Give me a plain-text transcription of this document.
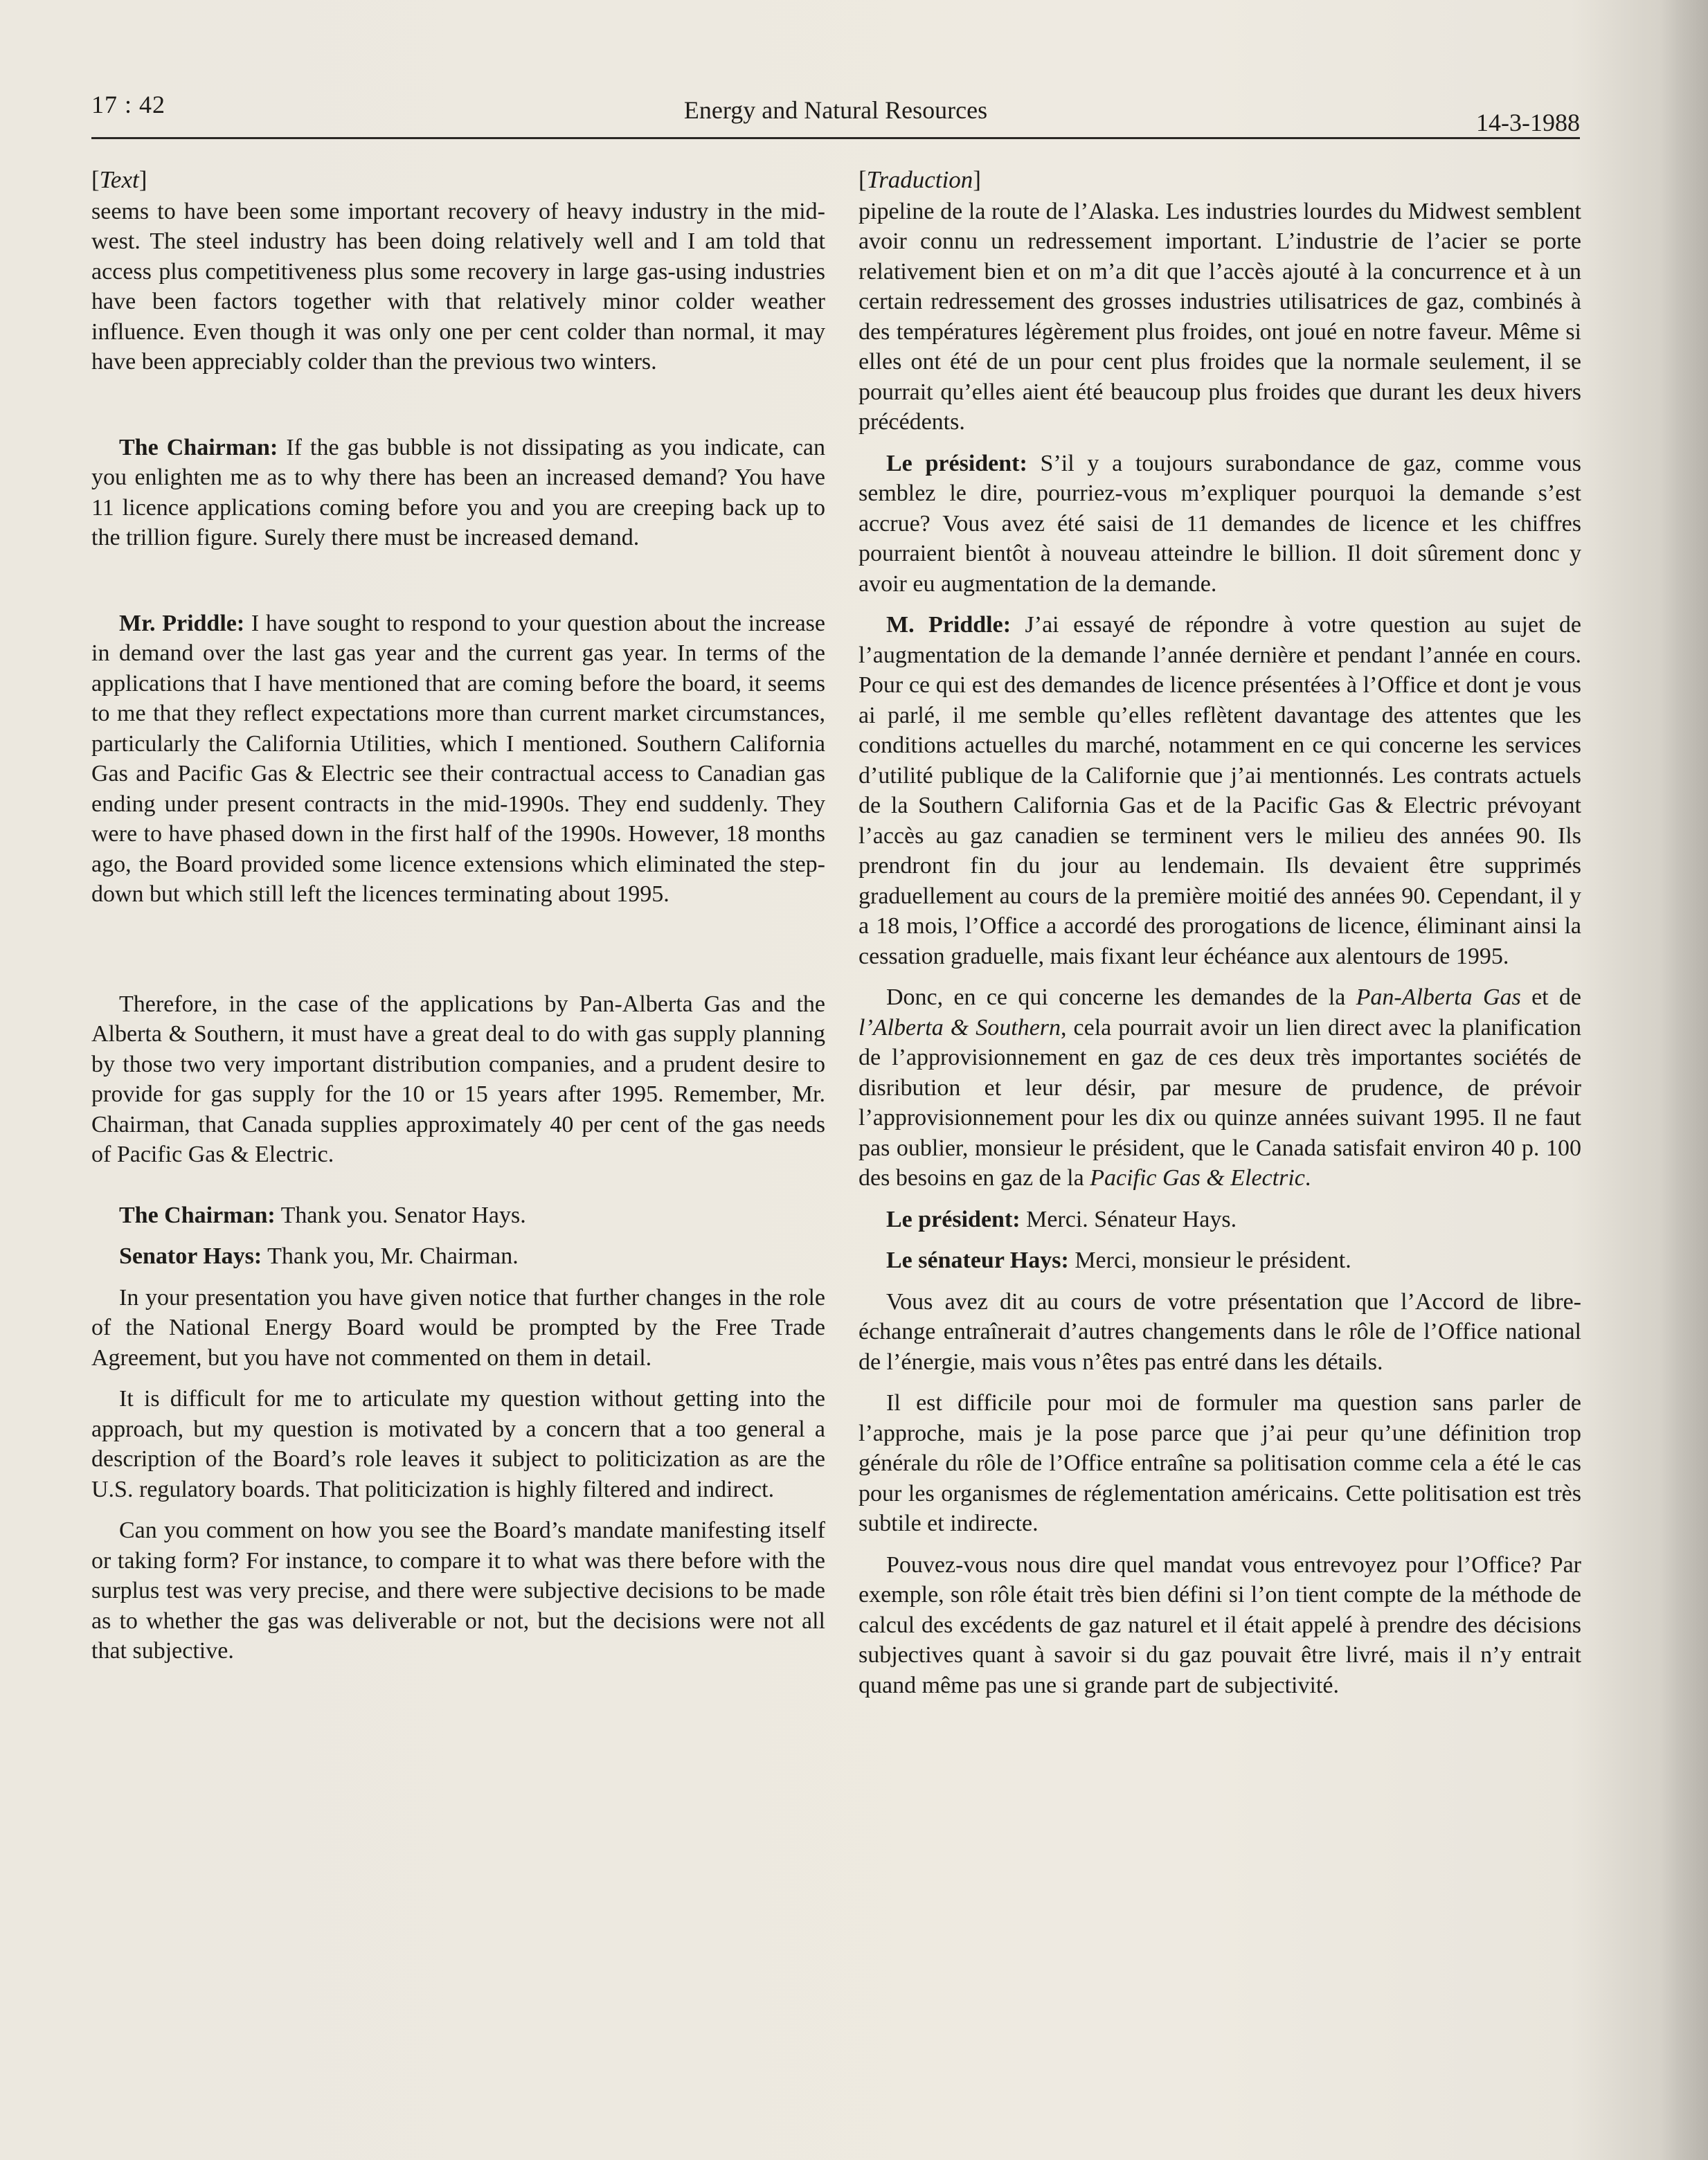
17 : 42	Energy and Natural Resources	14-3-1988

[Text]

seems to have been some important recovery of heavy industry in the mid-west. The steel industry has been doing relatively well and I am told that access plus competitiveness plus some recovery in large gas-using industries have been factors together with that relatively minor colder weather influence. Even though it was only one per cent colder than normal, it may have been appreciably colder than the previous two winters.

The Chairman: If the gas bubble is not dissipating as you indicate, can you enlighten me as to why there has been an increased demand? You have 11 licence applications coming before you and you are creeping back up to the trillion figure. Surely there must be increased demand.

Mr. Priddle: I have sought to respond to your question about the increase in demand over the last gas year and the current gas year. In terms of the applications that I have mentioned that are coming before the board, it seems to me that they reflect expectations more than current market circumstances, particularly the California Utilities, which I mentioned. Southern California Gas and Pacific Gas & Electric see their contractual access to Canadian gas ending under present contracts in the mid-1990s. They end suddenly. They were to have phased down in the first half of the 1990s. However, 18 months ago, the Board provided some licence extensions which eliminated the step-down but which still left the licences terminating about 1995.

Therefore, in the case of the applications by Pan-Alberta Gas and the Alberta & Southern, it must have a great deal to do with gas supply planning by those two very important distribution companies, and a prudent desire to provide for gas supply for the 10 or 15 years after 1995. Remember, Mr. Chairman, that Canada supplies approximately 40 per cent of the gas needs of Pacific Gas & Electric.

The Chairman: Thank you. Senator Hays.

Senator Hays: Thank you, Mr. Chairman.

In your presentation you have given notice that further changes in the role of the National Energy Board would be prompted by the Free Trade Agreement, but you have not commented on them in detail.

It is difficult for me to articulate my question without getting into the approach, but my question is motivated by a concern that a too general a description of the Board’s role leaves it subject to politicization as are the U.S. regulatory boards. That politicization is highly filtered and indirect.

Can you comment on how you see the Board’s mandate manifesting itself or taking form? For instance, to compare it to what was there before with the surplus test was very precise, and there were subjective decisions to be made as to whether the gas was deliverable or not, but the decisions were not all that subjective.

[Traduction]

pipeline de la route de l’Alaska. Les industries lourdes du Midwest semblent avoir connu un redressement important. L’industrie de l’acier se porte relativement bien et on m’a dit que l’accès ajouté à la concurrence et à un certain redressement des grosses industries utilisatrices de gaz, combinés à des températures légèrement plus froides, ont joué en notre faveur. Même si elles ont été de un pour cent plus froides que la normale seulement, il se pourrait qu’elles aient été beaucoup plus froides que durant les deux hivers précédents.

Le président: S’il y a toujours surabondance de gaz, comme vous semblez le dire, pourriez-vous m’expliquer pourquoi la demande s’est accrue? Vous avez été saisi de 11 demandes de licence et les chiffres pourraient bientôt à nouveau atteindre le billion. Il doit sûrement donc y avoir eu augmentation de la demande.

M. Priddle: J’ai essayé de répondre à votre question au sujet de l’augmentation de la demande l’année dernière et pendant l’année en cours. Pour ce qui est des demandes de licence présentées à l’Office et dont je vous ai parlé, il me semble qu’elles reflètent davantage des attentes que les conditions actuelles du marché, notamment en ce qui concerne les services d’utilité publique de la Californie que j’ai mentionnés. Les contrats actuels de la Southern California Gas et de la Pacific Gas & Electric prévoyant l’accès au gaz canadien se terminent vers le milieu des années 90. Ils prendront fin du jour au lendemain. Ils devaient être supprimés graduellement au cours de la première moitié des années 90. Cependant, il y a 18 mois, l’Office a accordé des prorogations de licence, éliminant ainsi la cessation graduelle, mais fixant leur échéance aux alentours de 1995.

Donc, en ce qui concerne les demandes de la Pan-Alberta Gas et de l’Alberta & Southern, cela pourrait avoir un lien direct avec la planification de l’approvisionnement en gaz de ces deux très importantes sociétés de disribution et leur désir, par mesure de prudence, de prévoir l’approvisionnement pour les dix ou quinze années suivant 1995. Il ne faut pas oublier, monsieur le président, que le Canada satisfait environ 40 p. 100 des besoins en gaz de la Pacific Gas & Electric.

Le président: Merci. Sénateur Hays.

Le sénateur Hays: Merci, monsieur le président.

Vous avez dit au cours de votre présentation que l’Accord de libre-échange entraînerait d’autres changements dans le rôle de l’Office national de l’énergie, mais vous n’êtes pas entré dans les détails.

Il est difficile pour moi de formuler ma question sans parler de l’approche, mais je la pose parce que j’ai peur qu’une définition trop générale du rôle de l’Office entraîne sa politisation comme cela a été le cas pour les organismes de réglementation américains. Cette politisation est très subtile et indirecte.

Pouvez-vous nous dire quel mandat vous entrevoyez pour l’Office? Par exemple, son rôle était très bien défini si l’on tient compte de la méthode de calcul des excédents de gaz naturel et il était appelé à prendre des décisions subjectives quant à savoir si du gaz pouvait être livré, mais il n’y entrait quand même pas une si grande part de subjectivité.
